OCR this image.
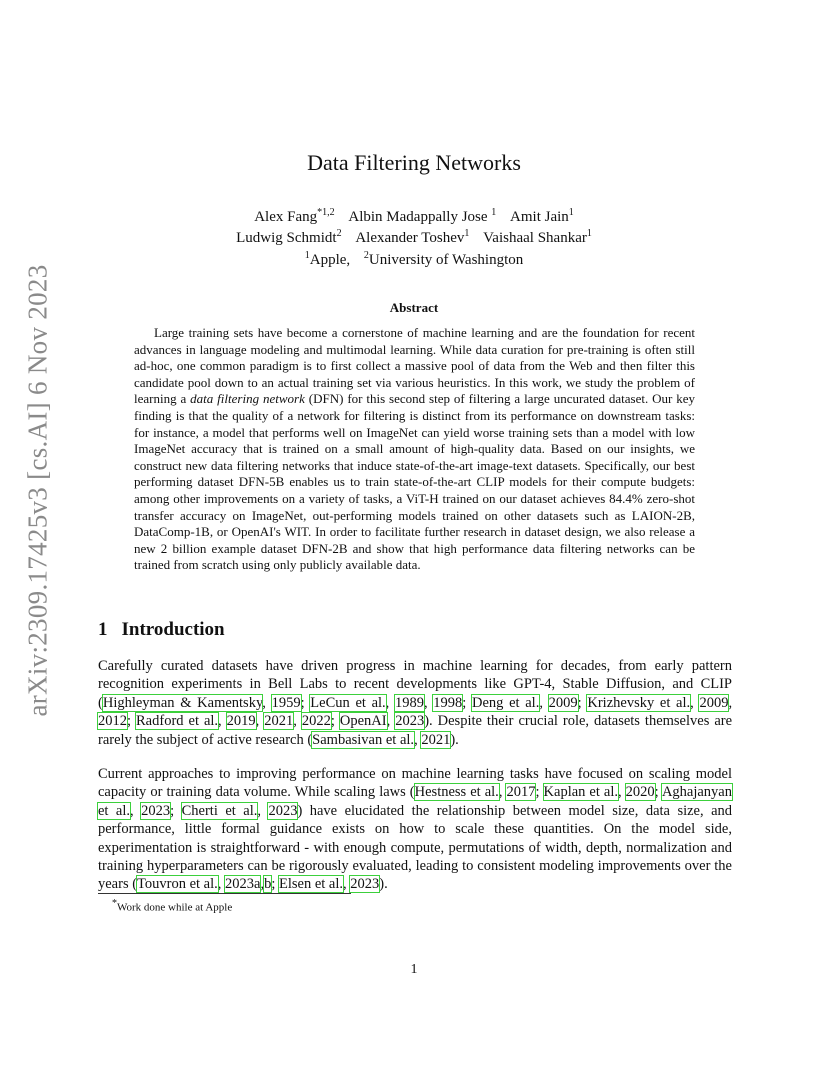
arXiv:2309.17425v3 [cs.AI] 6 Nov 2023
Data Filtering Networks
Alex Fang$^{*1,2}$ Albin Madappally Jose $^1$ Amit Jain$^1$
Ludwig Schmidt$^2$ Alexander Toshev$^1$ Vaishaal Shankar$^1$
$^1$Apple, $^2$University of Washington
Abstract

Large training sets have become a cornerstone of machine learning and are the foundation for recent advances in language modeling and multimodal learning. While data curation for pre-training is often still ad-hoc, one common paradigm is to first collect a massive pool of data from the Web and then filter this candidate pool down to an actual training set via various heuristics. In this work, we study the problem of learning a data filtering network (DFN) for this second step of filtering a large uncurated dataset. Our key finding is that the quality of a network for filtering is distinct from its performance on downstream tasks: for instance, a model that performs well on ImageNet can yield worse training sets than a model with low ImageNet accuracy that is trained on a small amount of high-quality data. Based on our insights, we construct new data filtering networks that induce state-of-the-art image-text datasets. Specifically, our best performing dataset DFN-5B enables us to train state-of-the-art CLIP models for their compute budgets: among other improvements on a variety of tasks, a ViT-H trained on our dataset achieves 84.4% zero-shot transfer accuracy on ImageNet, out-performing models trained on other datasets such as LAION-2B, DataComp-1B, or OpenAI's WIT. In order to facilitate further research in dataset design, we also release a new 2 billion example dataset DFN-2B and show that high performance data filtering networks can be trained from scratch using only publicly available data.

1 Introduction

Carefully curated datasets have driven progress in machine learning for decades, from early pattern recognition experiments in Bell Labs to recent developments like GPT-4, Stable Diffusion, and CLIP (Highleyman & Kamentsky, 1959; LeCun et al., 1989, 1998; Deng et al., 2009; Krizhevsky et al., 2009, 2012; Radford et al., 2019, 2021, 2022; OpenAI, 2023). Despite their crucial role, datasets themselves are rarely the subject of active research (Sambasivan et al., 2021).

Current approaches to improving performance on machine learning tasks have focused on scaling model capacity or training data volume. While scaling laws (Hestness et al., 2017; Kaplan et al., 2020; Aghajanyan et al., 2023; Cherti et al., 2023) have elucidated the relationship between model size, data size, and performance, little formal guidance exists on how to scale these quantities. On the model side, experimentation is straightforward - with enough compute, permutations of width, depth, normalization and training hyperparameters can be rigorously evaluated, leading to consistent modeling improvements over the years (Touvron et al., 2023a,b; Elsen et al., 2023).

*Work done while at Apple
1
